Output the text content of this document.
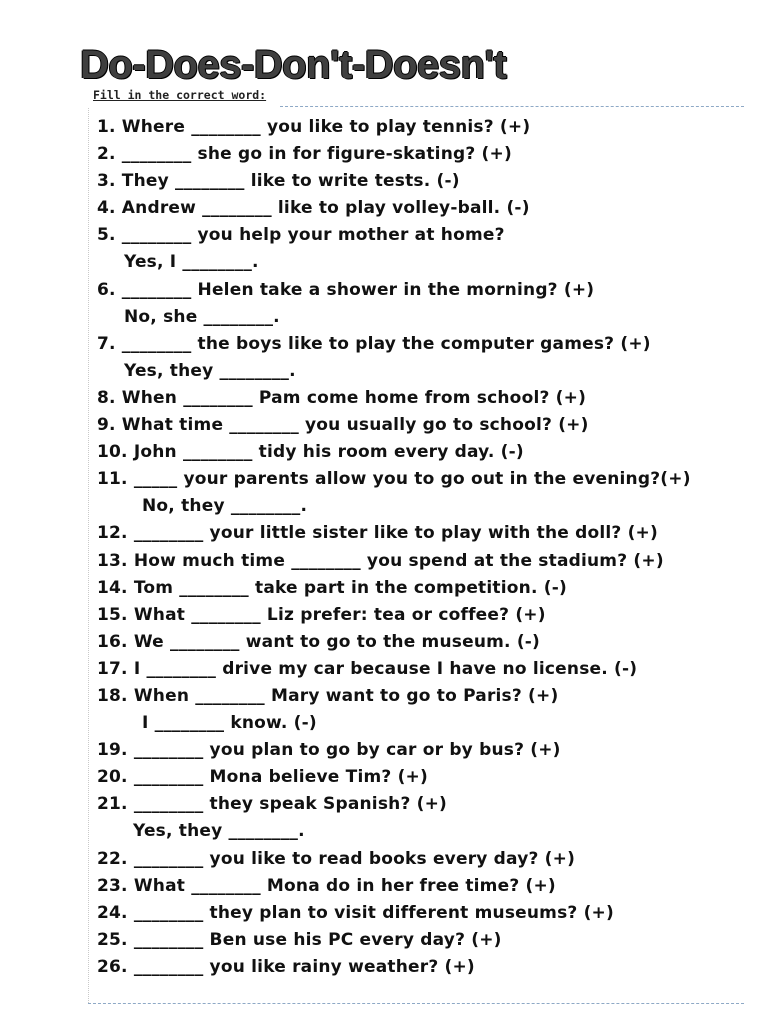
Do-Does-Don't-Doesn't
Fill in the correct word:
1. Where ________ you like to play tennis? (+)
2. ________ she go in for figure-skating? (+)
3. They ________ like to write tests. (-)
4. Andrew ________ like to play volley-ball. (-)
5. ________ you help your mother at home?
Yes, I ________.
6. ________ Helen take a shower in the morning? (+)
No, she ________.
7. ________ the boys like to play the computer games? (+)
Yes, they ________.
8. When ________ Pam come home from school? (+)
9. What time ________ you usually go to school? (+)
10. John ________ tidy his room every day. (-)
11. _____ your parents allow you to go out in the evening?(+)
No, they ________.
12. ________ your little sister like to play with the doll? (+)
13. How much time ________ you spend at the stadium? (+)
14. Tom ________ take part in the competition. (-)
15. What ________ Liz prefer: tea or coffee? (+)
16. We ________ want to go to the museum. (-)
17. I ________ drive my car because I have no license. (-)
18. When ________ Mary want to go to Paris? (+)
I ________ know. (-)
19. ________ you plan to go by car or by bus? (+)
20. ________ Mona believe Tim? (+)
21. ________ they speak Spanish? (+)
Yes, they ________.
22. ________ you like to read books every day? (+)
23. What ________ Mona do in her free time? (+)
24. ________ they plan to visit different museums? (+)
25. ________ Ben use his PC every day? (+)
26. ________ you like rainy weather? (+)
